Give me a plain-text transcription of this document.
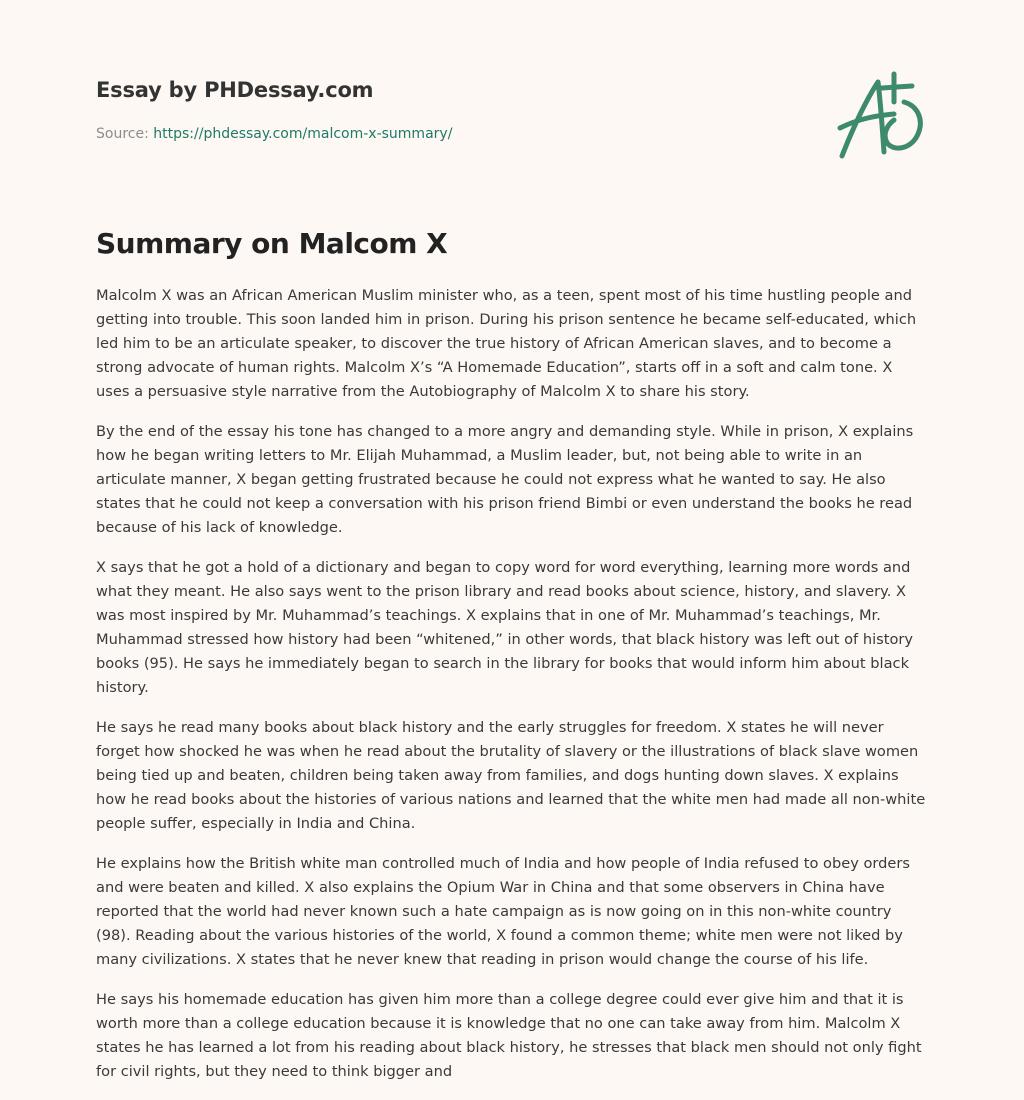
Essay by PHDessay.com
Source: https://phdessay.com/malcom-x-summary/
Summary on Malcom X

Malcolm X was an African American Muslim minister who, as a teen, spent most of his time hustling people and getting into trouble. This soon landed him in prison. During his prison sentence he became self-educated, which led him to be an articulate speaker, to discover the true history of African American slaves, and to become a strong advocate of human rights. Malcolm X’s “A Homemade Education”, starts off in a soft and calm tone. X uses a persuasive style narrative from the Autobiography of Malcolm X to share his story.

By the end of the essay his tone has changed to a more angry and demanding style. While in prison, X explains how he began writing letters to Mr. Elijah Muhammad, a Muslim leader, but, not being able to write in an articulate manner, X began getting frustrated because he could not express what he wanted to say. He also states that he could not keep a conversation with his prison friend Bimbi or even understand the books he read because of his lack of knowledge.

X says that he got a hold of a dictionary and began to copy word for word everything, learning more words and what they meant. He also says went to the prison library and read books about science, history, and slavery. X was most inspired by Mr. Muhammad’s teachings. X explains that in one of Mr. Muhammad’s teachings, Mr. Muhammad stressed how history had been “whitened,” in other words, that black history was left out of history books (95). He says he immediately began to search in the library for books that would inform him about black history.

He says he read many books about black history and the early struggles for freedom. X states he will never forget how shocked he was when he read about the brutality of slavery or the illustrations of black slave women being tied up and beaten, children being taken away from families, and dogs hunting down slaves. X explains how he read books about the histories of various nations and learned that the white men had made all non-white people suffer, especially in India and China.

He explains how the British white man controlled much of India and how people of India refused to obey orders and were beaten and killed. X also explains the Opium War in China and that some observers in China have reported that the world had never known such a hate campaign as is now going on in this non-white country (98). Reading about the various histories of the world, X found a common theme; white men were not liked by many civilizations. X states that he never knew that reading in prison would change the course of his life.

He says his homemade education has given him more than a college degree could ever give him and that it is worth more than a college education because it is knowledge that no one can take away from him. Malcolm X states he has learned a lot from his reading about black history, he stresses that black men should not only fight for civil rights, but they need to think bigger and
